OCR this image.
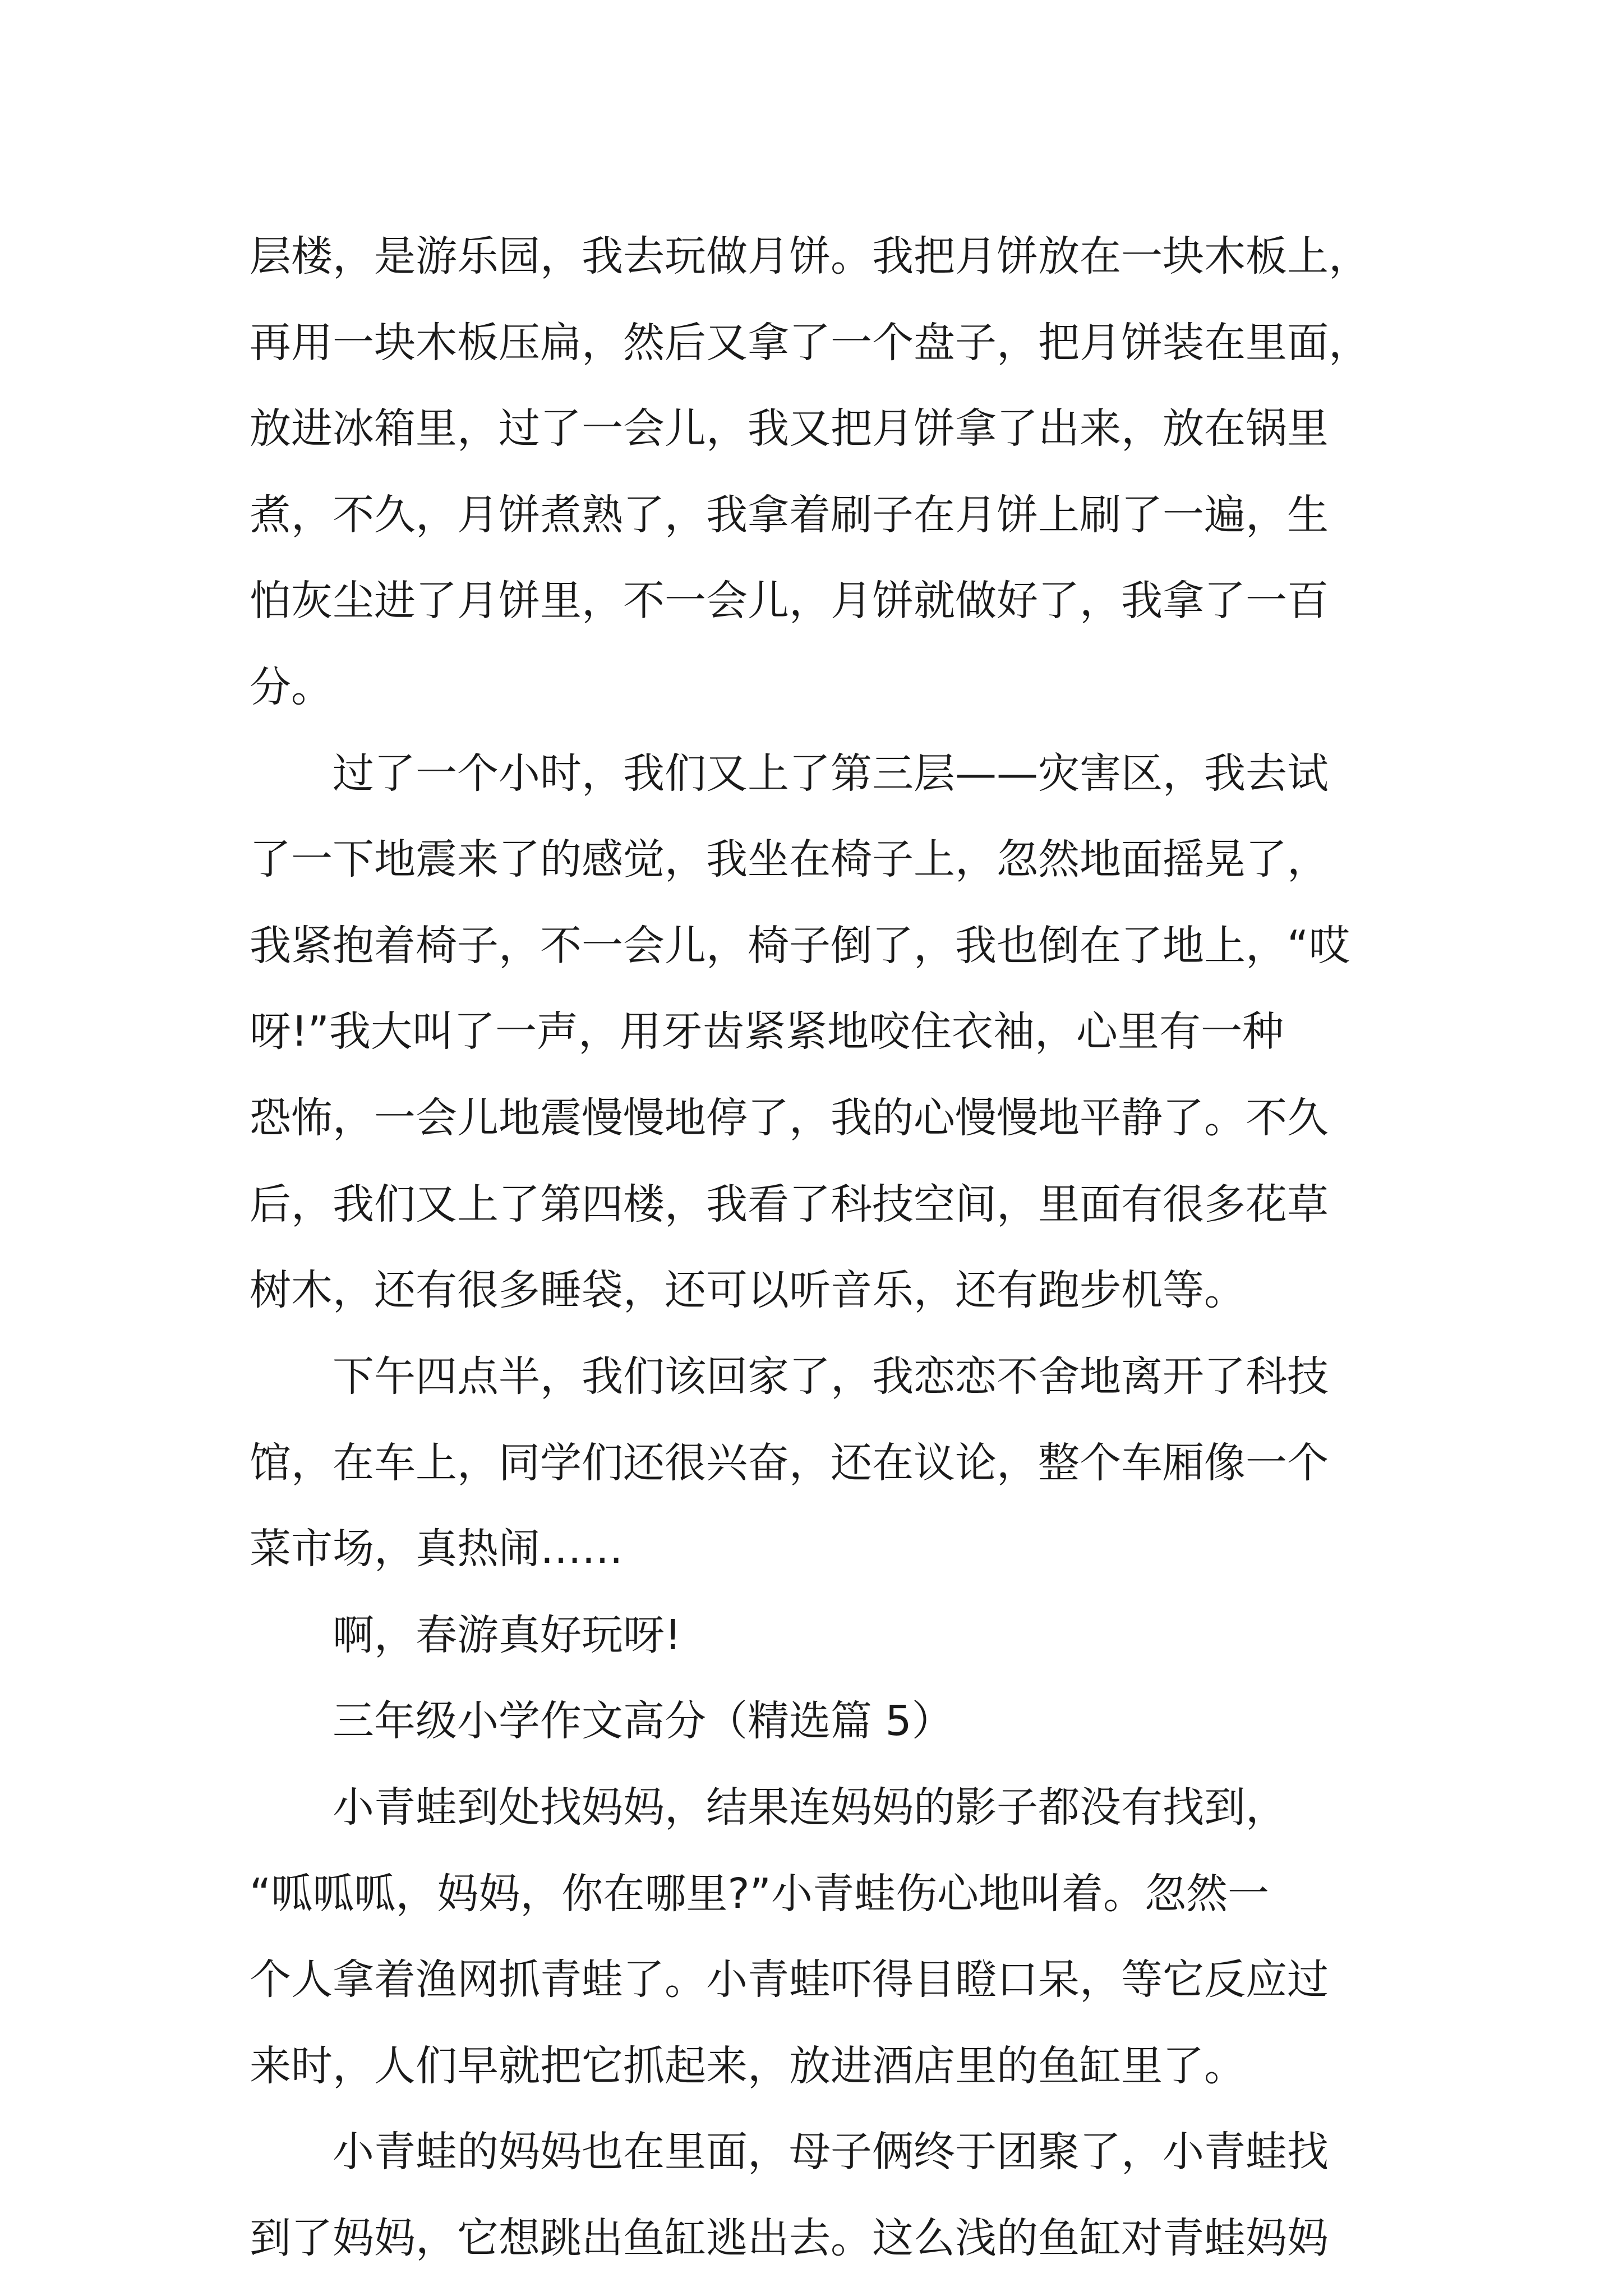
层楼，是游乐园，我去玩做月饼。我把月饼放在一块木板上，
再用一块木板压扁，然后又拿了一个盘子，把月饼装在里面，
放进冰箱里，过了一会儿，我又把月饼拿了出来，放在锅里
煮，不久，月饼煮熟了，我拿着刷子在月饼上刷了一遍，生
怕灰尘进了月饼里，不一会儿，月饼就做好了，我拿了一百
分。
　　过了一个小时，我们又上了第三层——灾害区，我去试
了一下地震来了的感觉，我坐在椅子上，忽然地面摇晃了，
我紧抱着椅子，不一会儿，椅子倒了，我也倒在了地上，“哎
呀!”我大叫了一声，用牙齿紧紧地咬住衣袖，心里有一种
恐怖，一会儿地震慢慢地停了，我的心慢慢地平静了。不久
后，我们又上了第四楼，我看了科技空间，里面有很多花草
树木，还有很多睡袋，还可以听音乐，还有跑步机等。
　　下午四点半，我们该回家了，我恋恋不舍地离开了科技
馆，在车上，同学们还很兴奋，还在议论，整个车厢像一个
菜市场，真热闹……
　　啊，春游真好玩呀!
　　三年级小学作文高分（精选篇 5）
　　小青蛙到处找妈妈，结果连妈妈的影子都没有找到，
“呱呱呱，妈妈，你在哪里?”小青蛙伤心地叫着。忽然一
个人拿着渔网抓青蛙了。小青蛙吓得目瞪口呆，等它反应过
来时，人们早就把它抓起来，放进酒店里的鱼缸里了。
　　小青蛙的妈妈也在里面，母子俩终于团聚了，小青蛙找
到了妈妈，它想跳出鱼缸逃出去。这么浅的鱼缸对青蛙妈妈
